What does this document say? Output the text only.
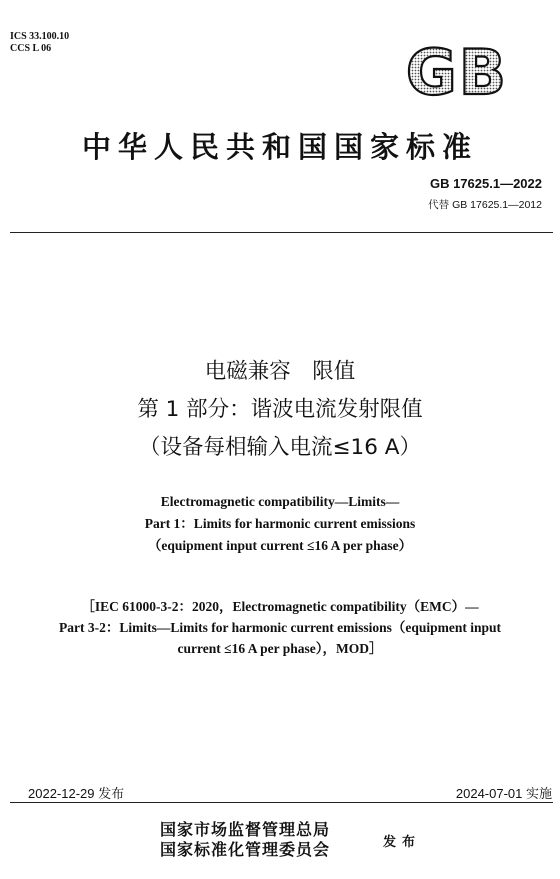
ICS 33.100.10
CCS L 06	GB
中华人民共和国国家标准
GB 17625.1—2022
代替 GB 17625.1—2012
电磁兼容　限值
第 1 部分：谐波电流发射限值
（设备每相输入电流≤16 A）
Electromagnetic compatibility—Limits—
Part 1：Limits for harmonic current emissions
（equipment input current ≤16 A per phase）
［IEC 61000-3-2：2020，Electromagnetic compatibility（EMC）—
Part 3-2：Limits—Limits for harmonic current emissions（equipment input
current ≤16 A per phase），MOD］
2022-12-29 发布	2024-07-01 实施
国家市场监督管理总局
国家标准化管理委员会	发布
